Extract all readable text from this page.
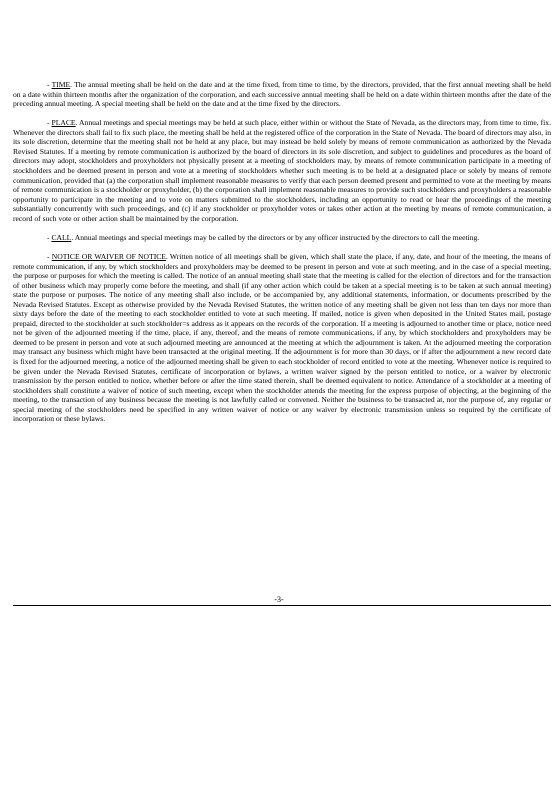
- TIME. The annual meeting shall be held on the date and at the time fixed, from time to time, by the directors, provided, that the first annual meeting shall be held on a date within thirteen months after the organization of the corporation, and each successive annual meeting shall be held on a date within thirteen months after the date of the preceding annual meeting. A special meeting shall be held on the date and at the time fixed by the directors.

- PLACE. Annual meetings and special meetings may be held at such place, either within or without the State of Nevada, as the directors may, from time to time, fix. Whenever the directors shall fail to fix such place, the meeting shall be held at the registered office of the corporation in the State of Nevada. The board of directors may also, in its sole discretion, determine that the meeting shall not be held at any place, but may instead be held solely by means of remote communication as authorized by the Nevada Revised Statutes. If a meeting by remote communication is authorized by the board of directors in its sole discretion, and subject to guidelines and procedures as the board of directors may adopt, stockholders and proxyholders not physically present at a meeting of stockholders may, by means of remote communication participate in a meeting of stockholders and be deemed present in person and vote at a meeting of stockholders whether such meeting is to be held at a designated place or solely by means of remote communication, provided that (a) the corporation shall implement reasonable measures to verify that each person deemed present and permitted to vote at the meeting by means of remote communication is a stockholder or proxyholder, (b) the corporation shall implement reasonable measures to provide such stockholders and proxyholders a reasonable opportunity to participate in the meeting and to vote on matters submitted to the stockholders, including an opportunity to read or hear the proceedings of the meeting substantially concurrently with such proceedings, and (c) if any stockholder or proxyholder votes or takes other action at the meeting by means of remote communication, a record of such vote or other action shall be maintained by the corporation.

- CALL. Annual meetings and special meetings may be called by the directors or by any officer instructed by the directors to call the meeting.

- NOTICE OR WAIVER OF NOTICE. Written notice of all meetings shall be given, which shall state the place, if any, date, and hour of the meeting, the means of remote communication, if any, by which stockholders and proxyholders may be deemed to be present in person and vote at such meeting, and in the case of a special meeting, the purpose or purposes for which the meeting is called. The notice of an annual meeting shall state that the meeting is called for the election of directors and for the transaction of other business which may properly come before the meeting, and shall (if any other action which could be taken at a special meeting is to be taken at such annual meeting) state the purpose or purposes. The notice of any meeting shall also include, or be accompanied by, any additional statements, information, or documents prescribed by the Nevada Revised Statutes. Except as otherwise provided by the Nevada Revised Statutes, the written notice of any meeting shall be given not less than ten days nor more than sixty days before the date of the meeting to each stockholder entitled to vote at such meeting. If mailed, notice is given when deposited in the United States mail, postage prepaid, directed to the stockholder at such stockholder=s address as it appears on the records of the corporation. If a meeting is adjourned to another time or place, notice need not be given of the adjourned meeting if the time, place, if any, thereof, and the means of remote communications, if any, by which stockholders and proxyholders may be deemed to be present in person and vote at such adjourned meeting are announced at the meeting at which the adjournment is taken. At the adjourned meeting the corporation may transact any business which might have been transacted at the original meeting. If the adjournment is for more than 30 days, or if after the adjournment a new record date is fixed for the adjourned meeting, a notice of the adjourned meeting shall be given to each stockholder of record entitled to vote at the meeting. Whenever notice is required to be given under the Nevada Revised Statutes, certificate of incorporation or bylaws, a written waiver signed by the person entitled to notice, or a waiver by electronic transmission by the person entitled to notice, whether before or after the time stated therein, shall be deemed equivalent to notice. Attendance of a stockholder at a meeting of stockholders shall constitute a waiver of notice of such meeting, except when the stockholder attends the meeting for the express purpose of objecting, at the beginning of the meeting, to the transaction of any business because the meeting is not lawfully called or convened. Neither the business to be transacted at, nor the purpose of, any regular or special meeting of the stockholders need be specified in any written waiver of notice or any waiver by electronic transmission unless so required by the certificate of incorporation or these bylaws.

-3-
